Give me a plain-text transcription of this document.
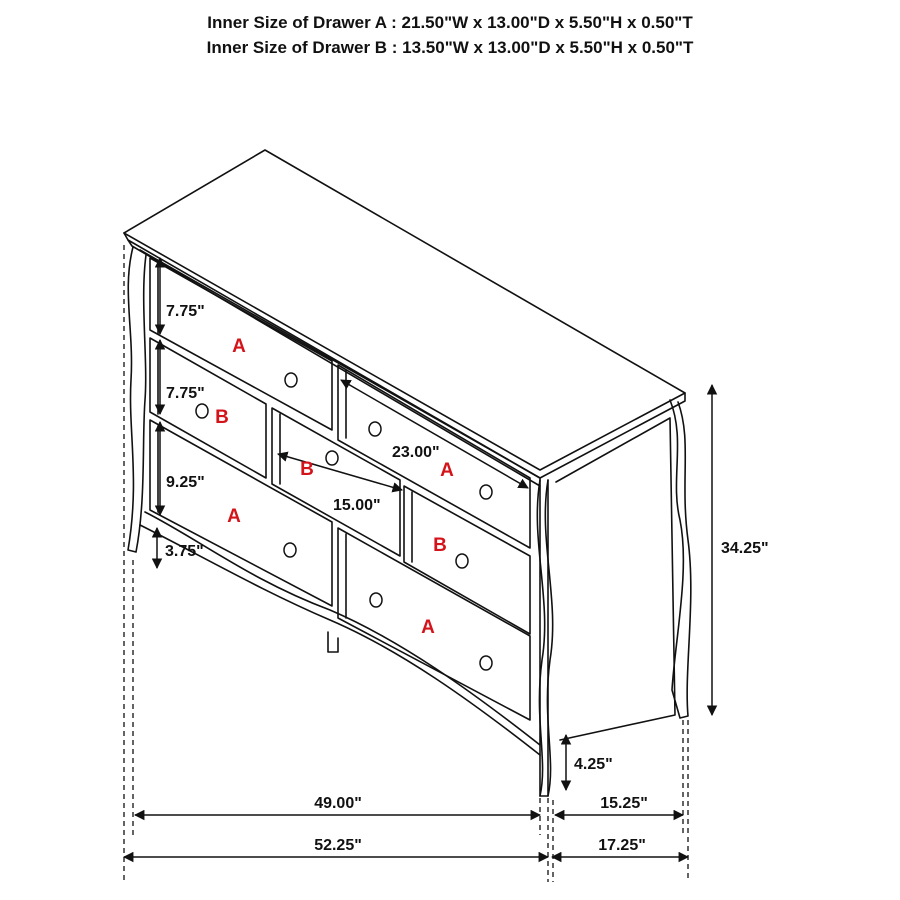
Inner Size of Drawer A : 21.50"W x 13.00"D x 5.50"H x 0.50"T
Inner Size of Drawer B : 13.50"W x 13.00"D x 5.50"H x 0.50"T
7.75"
7.75"
9.25"
3.75"
23.00"
15.00"
34.25"
4.25"
49.00"	15.25"
52.25"	17.25"
A
A
B
B
B
A
A
